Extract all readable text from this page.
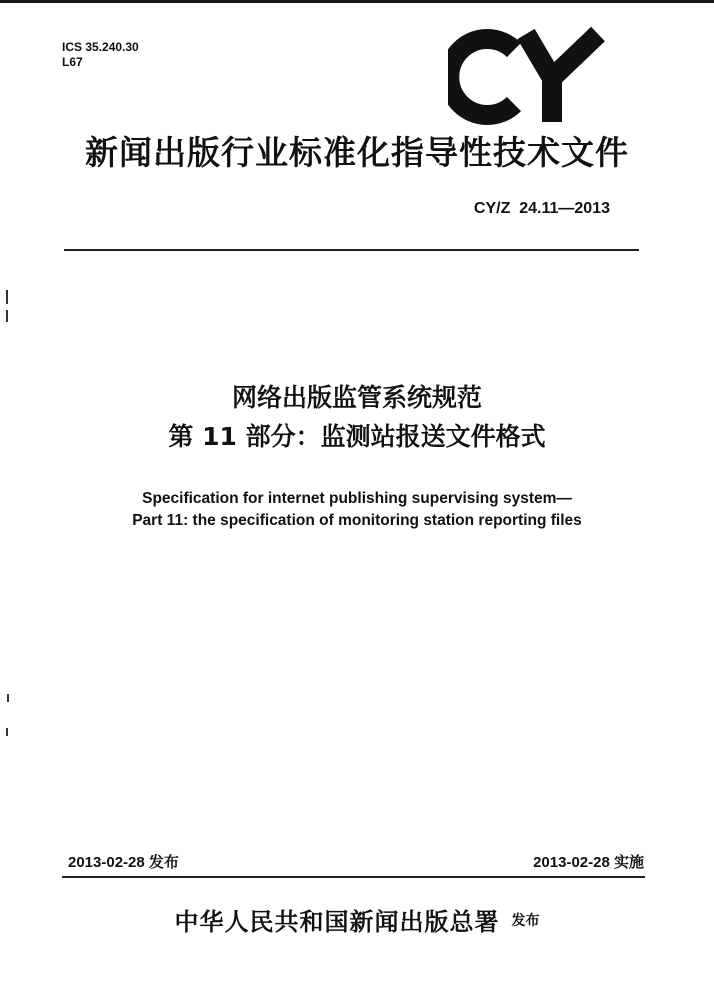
ICS 35.240.30
L67
新闻出版行业标准化指导性技术文件
CY/Z  24.11—2013
网络出版监管系统规范
第 11 部分：监测站报送文件格式
Specification for internet publishing supervising system—
Part 11: the specification of monitoring station reporting files
2013-02-28 发布	2013-02-28 实施
中华人民共和国新闻出版总署 发布
